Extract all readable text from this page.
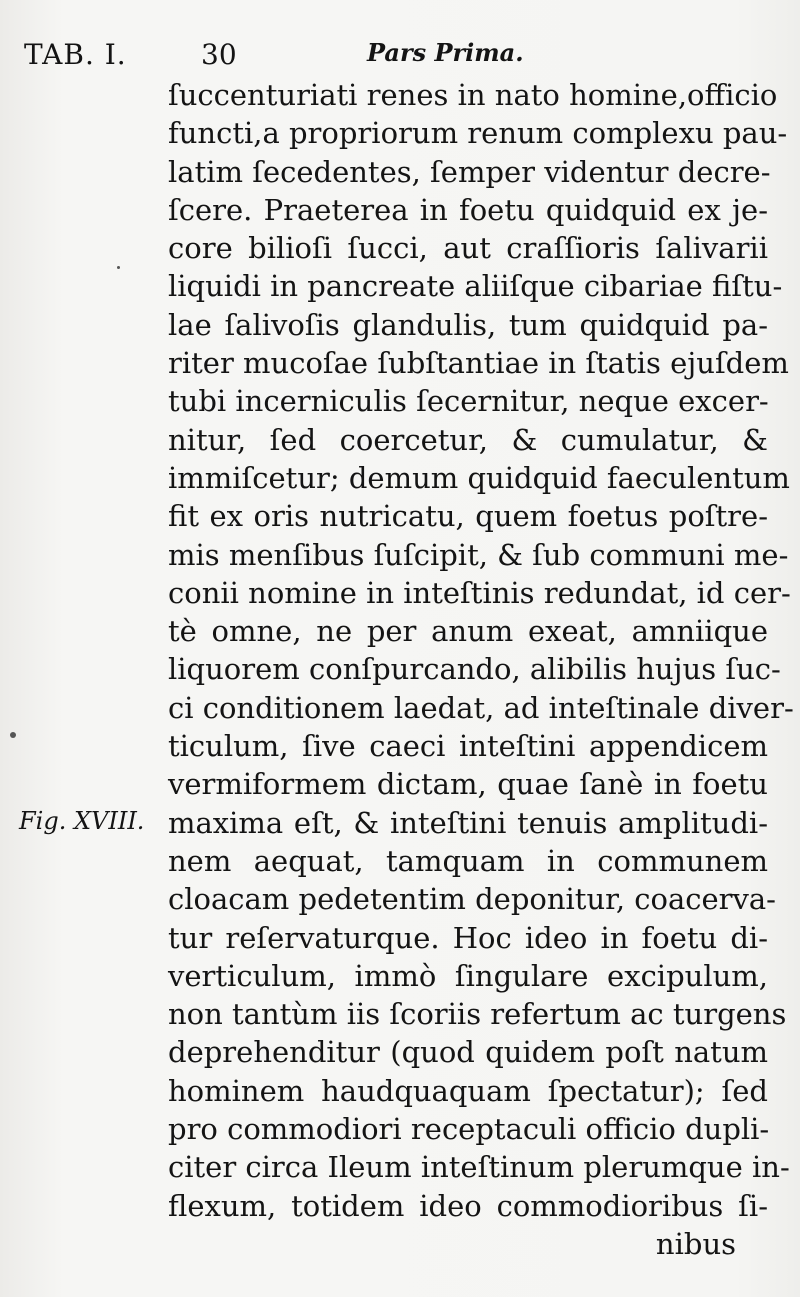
TAB. I.	30	Pars Prima.
Fig. XVIII.
ſuccenturiati renes in nato homine,officio
functi,a propriorum renum complexu pau-
latim ſecedentes, ſemper videntur decre-
ſcere. Praeterea in foetu quidquid ex je-
core bilioſi ſucci, aut craſſioris ſalivarii
liquidi in pancreate aliiſque cibariae fiſtu-
lae ſalivoſis glandulis, tum quidquid pa-
riter mucoſae ſubſtantiae in ſtatis ejuſdem
tubi incerniculis ſecernitur, neque excer-
nitur, ſed coercetur, & cumulatur, &
immiſcetur; demum quidquid faeculentum
fit ex oris nutricatu, quem foetus poſtre-
mis menſibus ſuſcipit, & ſub communi me-
conii nomine in inteſtinis redundat, id cer-
tè omne, ne per anum exeat, amniique
liquorem conſpurcando, alibilis hujus ſuc-
ci conditionem laedat, ad inteſtinale diver-
ticulum, ſive caeci inteſtini appendicem
vermiformem dictam, quae ſanè in foetu
maxima eſt, & inteſtini tenuis amplitudi-
nem aequat, tamquam in communem
cloacam pedetentim deponitur, coacerva-
tur reſervaturque. Hoc ideo in foetu di-
verticulum, immò ſingulare excipulum,
non tantùm iis ſcoriis refertum ac turgens
deprehenditur (quod quidem poſt natum
hominem haudquaquam ſpectatur); ſed
pro commodiori receptaculi officio dupli-
citer circa Ileum inteſtinum plerumque in-
flexum, totidem ideo commodioribus ſi-
nibus
